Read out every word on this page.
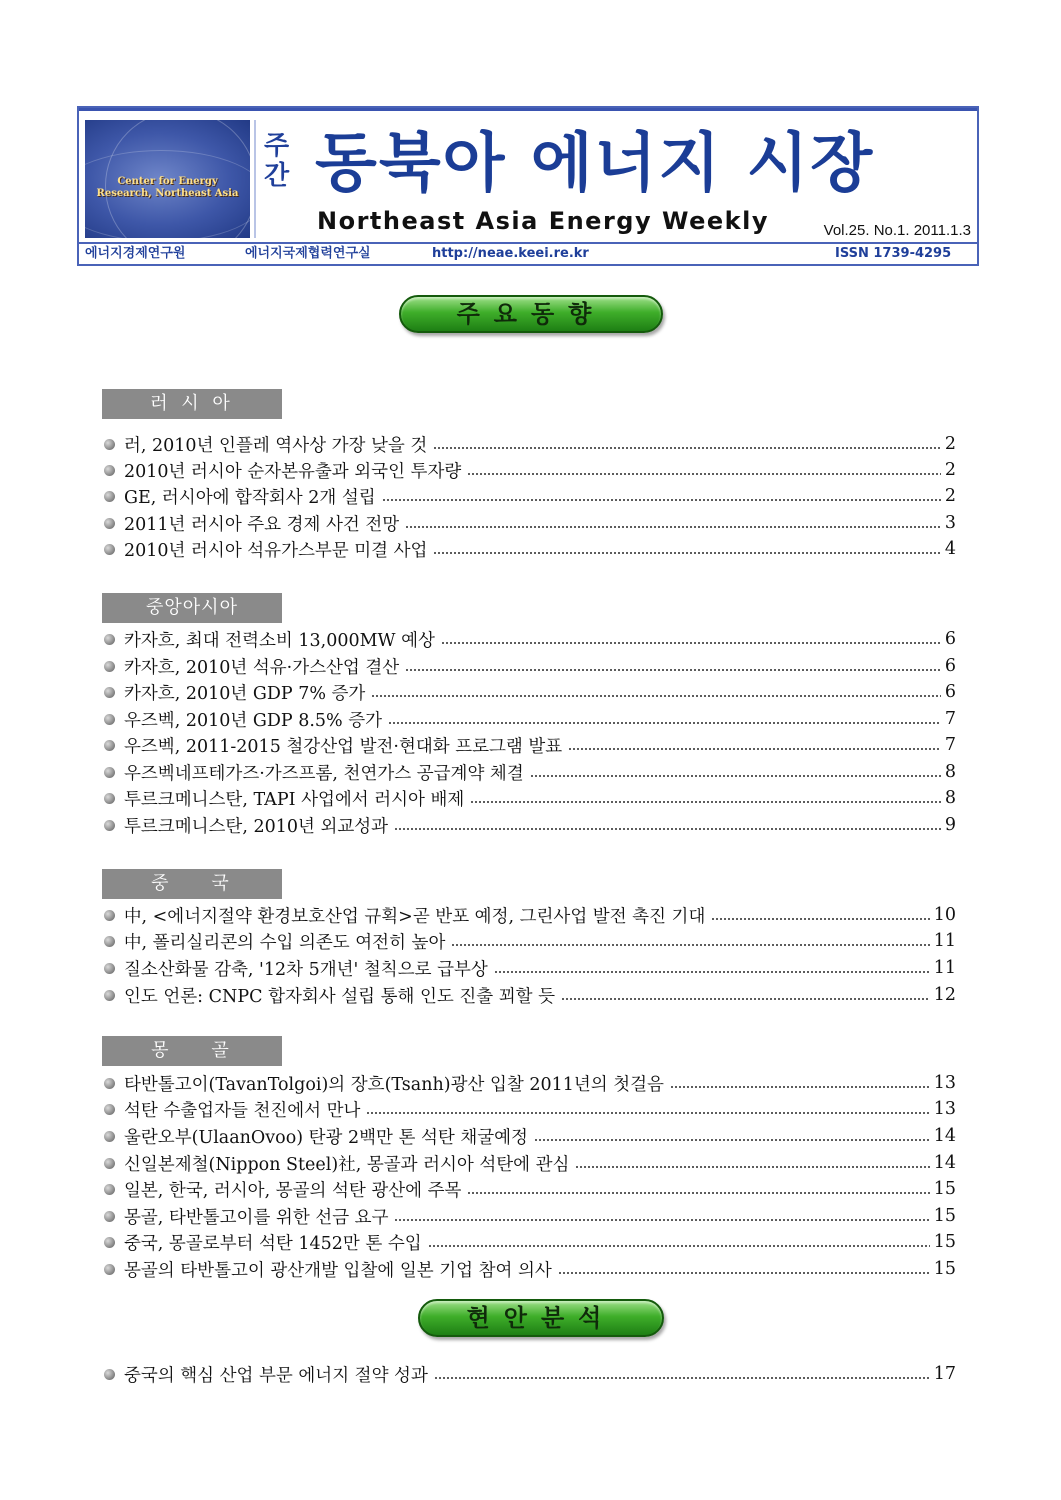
Center for Energy Research, Northeast Asia
주
간 동북아 에너지 시장
Northeast Asia Energy Weekly	Vol.25. No.1. 2011.1.3
에너지경제연구원	에너지국제협력연구실	http://neae.keei.re.kr	ISSN 1739-4295
주요동향
러 시 아
러, 2010년 인플레 역사상 가장 낮을 것	2
2010년 러시아 순자본유출과 외국인 투자량	2
GE, 러시아에 합작회사 2개 설립	2
2011년 러시아 주요 경제 사건 전망	3
2010년 러시아 석유가스부문 미결 사업	4
중앙아시아
카자흐, 최대 전력소비 13,000MW 예상	6
카자흐, 2010년 석유·가스산업 결산	6
카자흐, 2010년 GDP 7% 증가	6
우즈벡, 2010년 GDP 8.5% 증가	7
우즈벡, 2011-2015 철강산업 발전·현대화 프로그램 발표	7
우즈벡네프테가즈·가즈프롬, 천연가스 공급계약 체결	8
투르크메니스탄, TAPI 사업에서 러시아 배제	8
투르크메니스탄, 2010년 외교성과	9
중    국
中, <에너지절약 환경보호산업 규획>곧 반포 예정, 그린사업 발전 촉진 기대	10
中, 폴리실리콘의 수입 의존도 여전히 높아	11
질소산화물 감축, '12차 5개년' 철칙으로 급부상	11
인도 언론: CNPC 합자회사 설립 통해 인도 진출 꾀할 듯	12
몽    골
타반톨고이(TavanTolgoi)의 장흐(Tsanh)광산 입찰 2011년의 첫걸음	13
석탄 수출업자들 천진에서 만나	13
울란오부(UlaanOvoo) 탄광 2백만 톤 석탄 채굴예정	14
신일본제철(Nippon Steel)社, 몽골과 러시아 석탄에 관심	14
일본, 한국, 러시아, 몽골의 석탄 광산에 주목	15
몽골, 타반톨고이를 위한 선금 요구	15
중국, 몽골로부터 석탄 1452만 톤 수입	15
몽골의 타반톨고이 광산개발 입찰에 일본 기업 참여 의사	15
현안분석
중국의 핵심 산업 부문 에너지 절약 성과	17
